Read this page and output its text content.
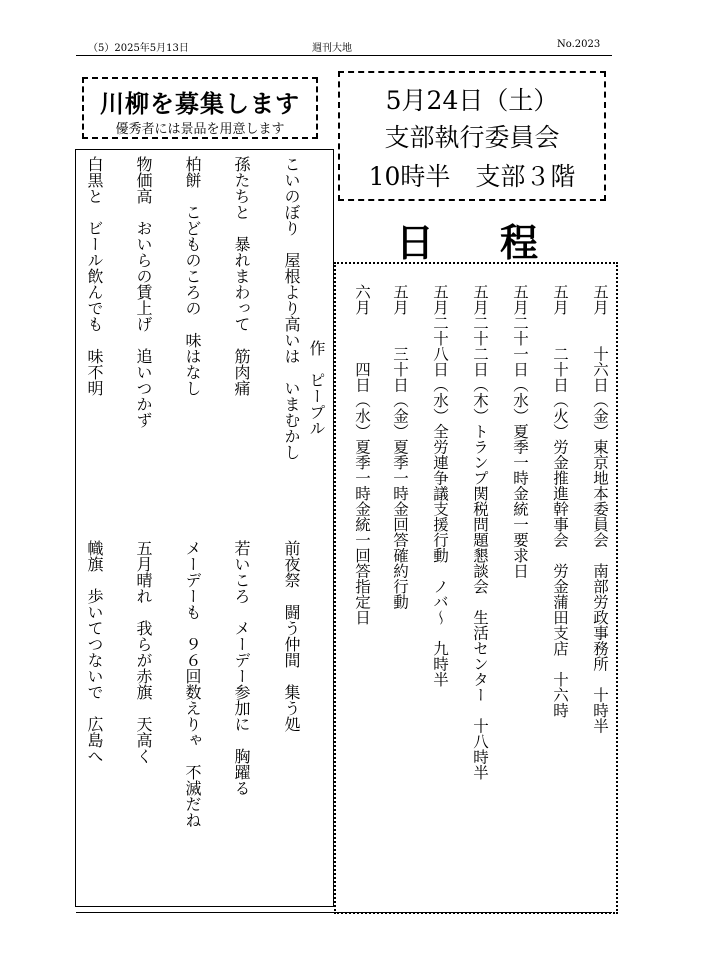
（5）2025年5月13日	週刊大地	No.2023
川柳を募集します
優秀者には景品を用意します
5月24日（土）
支部執行委員会
10時半　支部３階
日程
五月　　十六日（金）東京地本委員会　南部労政事務所　十時半
五月　　二十日（火）労金推進幹事会　労金蒲田支店　十六時
五月二十一日（水）夏季一時金統一要求日
五月二十二日（木）トランプ関税問題懇談会　生活センター　十八時半
五月二十八日（水）全労連争議支援行動　ノバ～　九時半
五月　　三十日（金）夏季一時金回答確約行動
六月　　　四日（水）夏季一時金統一回答指定日
作　ピープル
こいのぼり　屋根より高いは　いまむかし
孫たちと　暴れまわって　筋肉痛
柏餅　こどものころの　味はなし
物価高　おいらの賃上げ　追いつかず
白黒と　ビール飲んでも　味不明
前夜祭　闘う仲間　集う処
若いころ　メーデー参加に　胸躍る
メーデーも　９６回数えりゃ　不滅だね
五月晴れ　我らが赤旗　天高く
幟旗　歩いてつないで　広島へ
